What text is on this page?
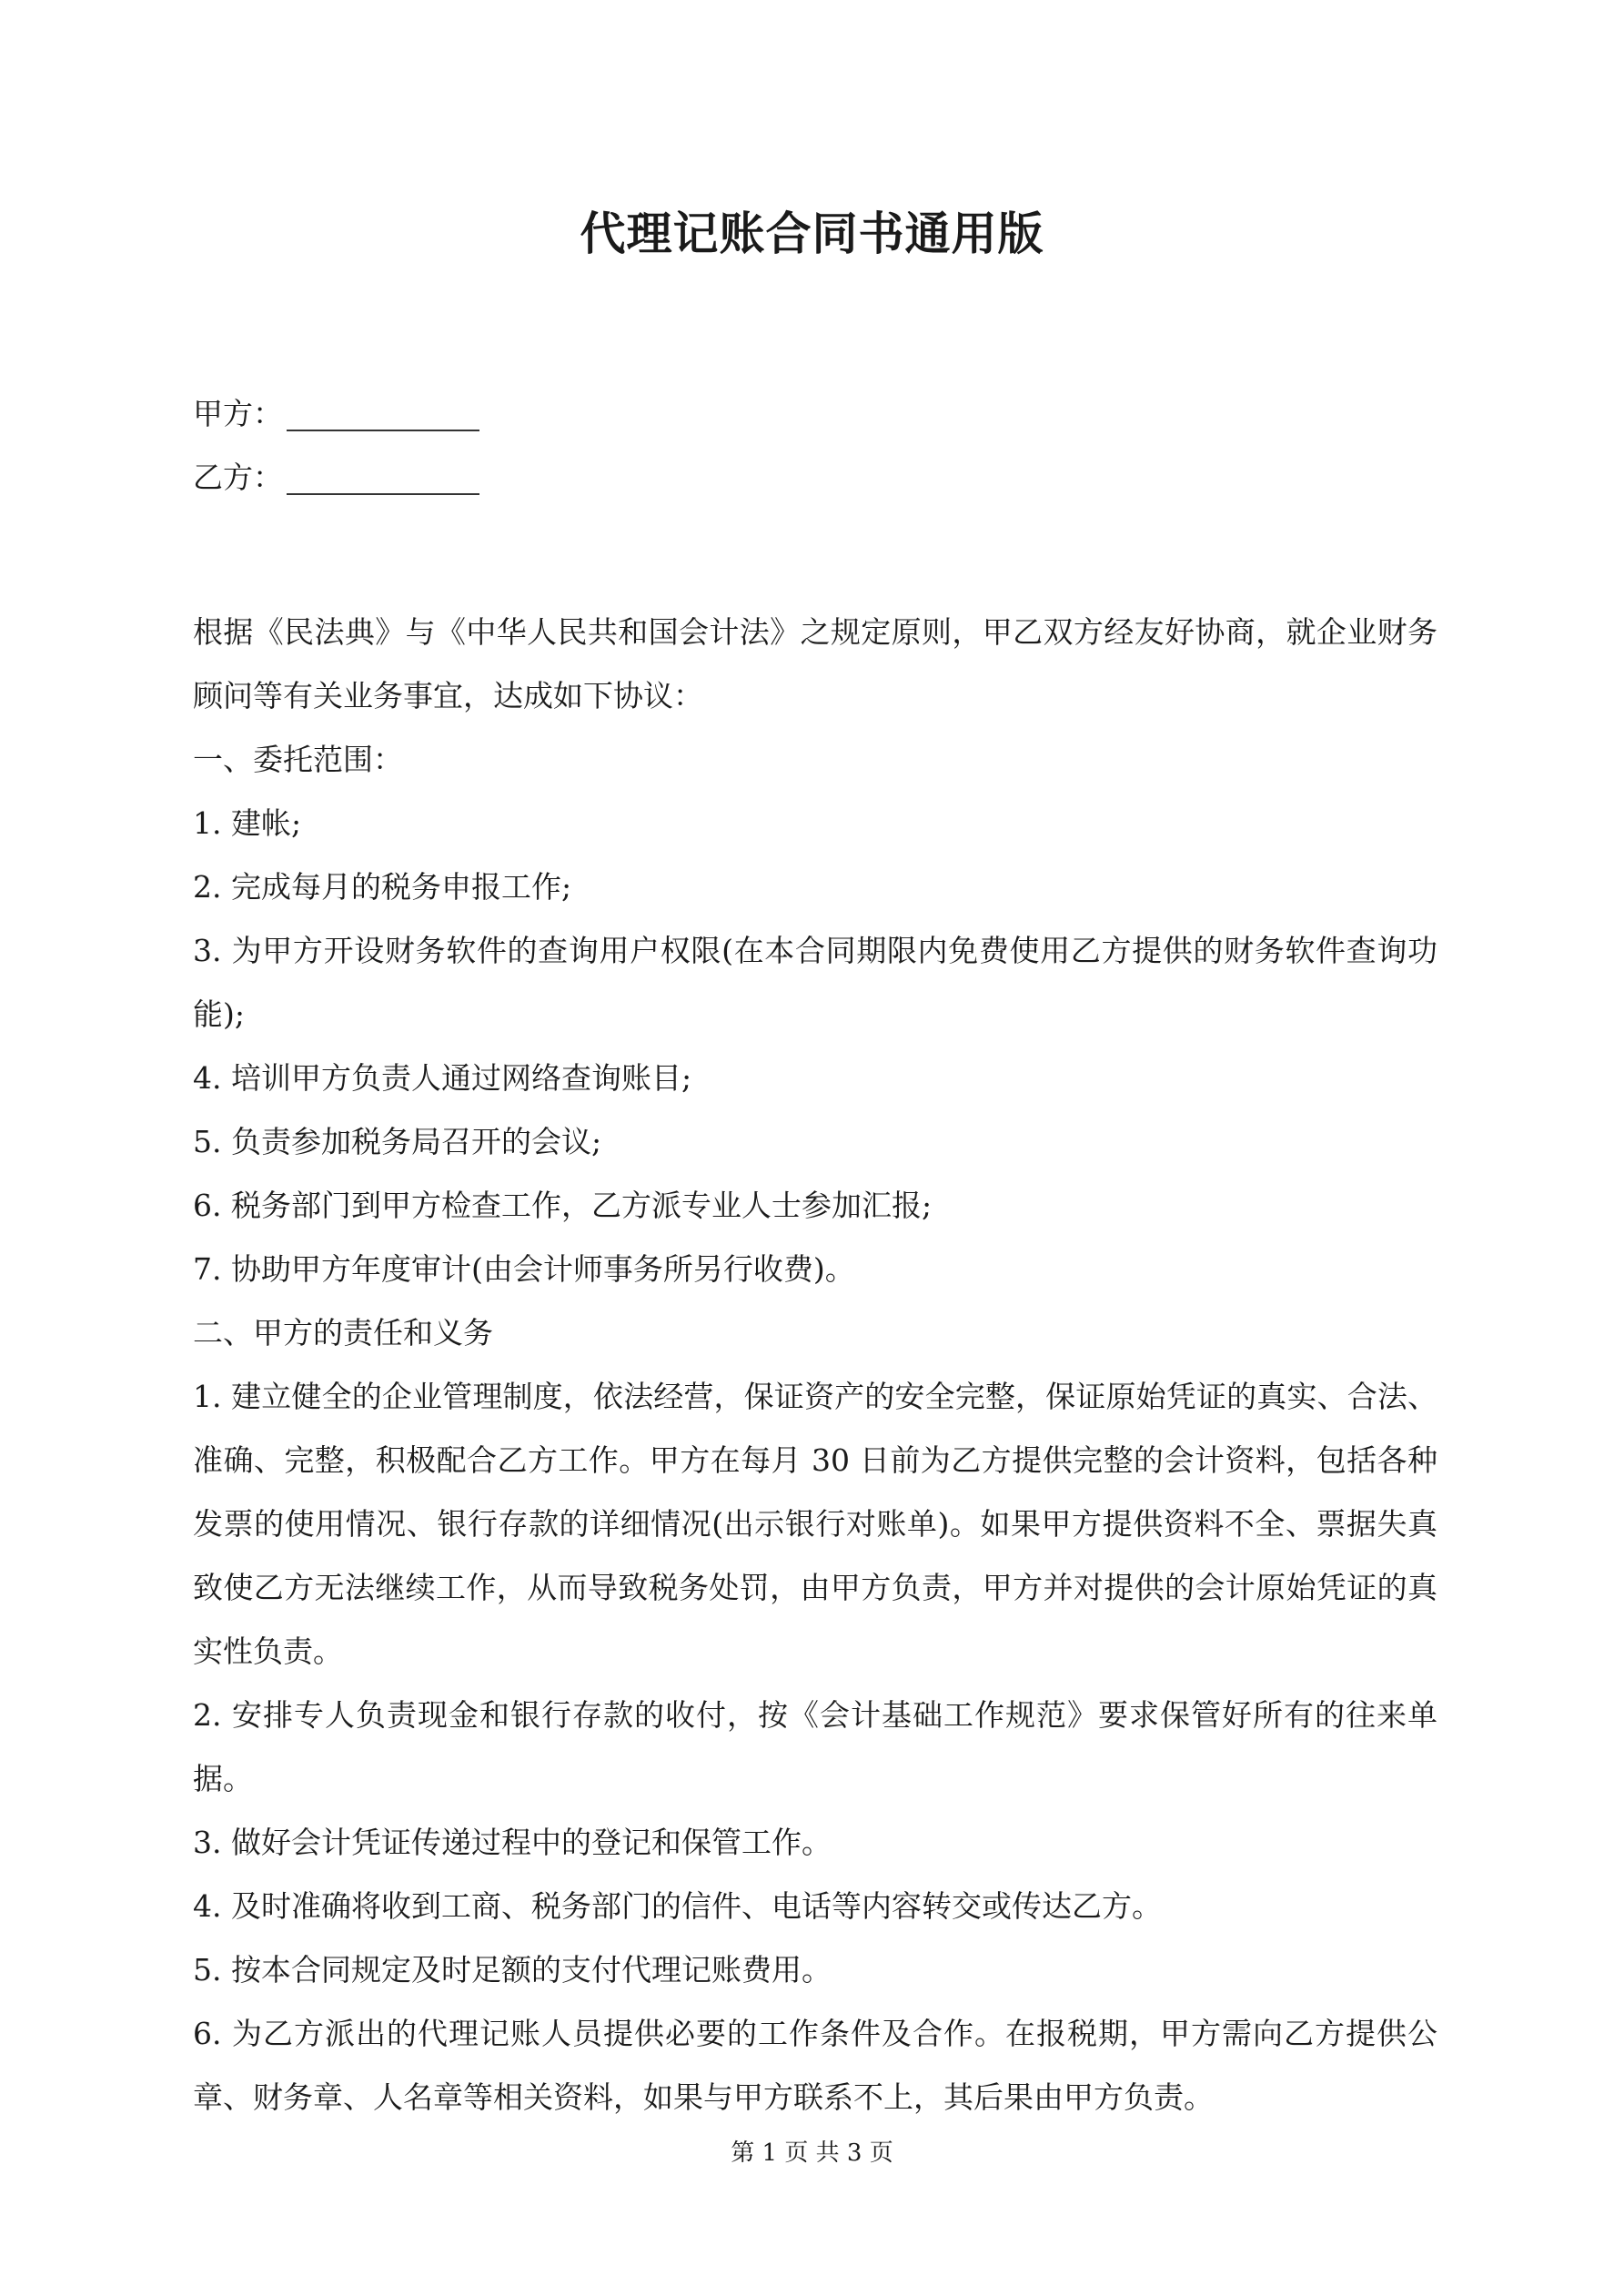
代理记账合同书通用版
甲方：
乙方：

根据《民法典》与《中华人民共和国会计法》之规定原则，甲乙双方经友好协商，就企业财务顾问等有关业务事宜，达成如下协议：

一、委托范围：

1. 建帐;

2. 完成每月的税务申报工作;

3. 为甲方开设财务软件的查询用户权限(在本合同期限内免费使用乙方提供的财务软件查询功能);

4. 培训甲方负责人通过网络查询账目;

5. 负责参加税务局召开的会议;

6. 税务部门到甲方检查工作，乙方派专业人士参加汇报;

7. 协助甲方年度审计(由会计师事务所另行收费)。

二、甲方的责任和义务

1. 建立健全的企业管理制度，依法经营，保证资产的安全完整，保证原始凭证的真实、合法、准确、完整，积极配合乙方工作。甲方在每月 30 日前为乙方提供完整的会计资料，包括各种发票的使用情况、银行存款的详细情况(出示银行对账单)。如果甲方提供资料不全、票据失真致使乙方无法继续工作，从而导致税务处罚，由甲方负责，甲方并对提供的会计原始凭证的真实性负责。

2. 安排专人负责现金和银行存款的收付，按《会计基础工作规范》要求保管好所有的往来单据。

3. 做好会计凭证传递过程中的登记和保管工作。

4. 及时准确将收到工商、税务部门的信件、电话等内容转交或传达乙方。

5. 按本合同规定及时足额的支付代理记账费用。

6. 为乙方派出的代理记账人员提供必要的工作条件及合作。在报税期，甲方需向乙方提供公章、财务章、人名章等相关资料，如果与甲方联系不上，其后果由甲方负责。

第 1 页 共 3 页
